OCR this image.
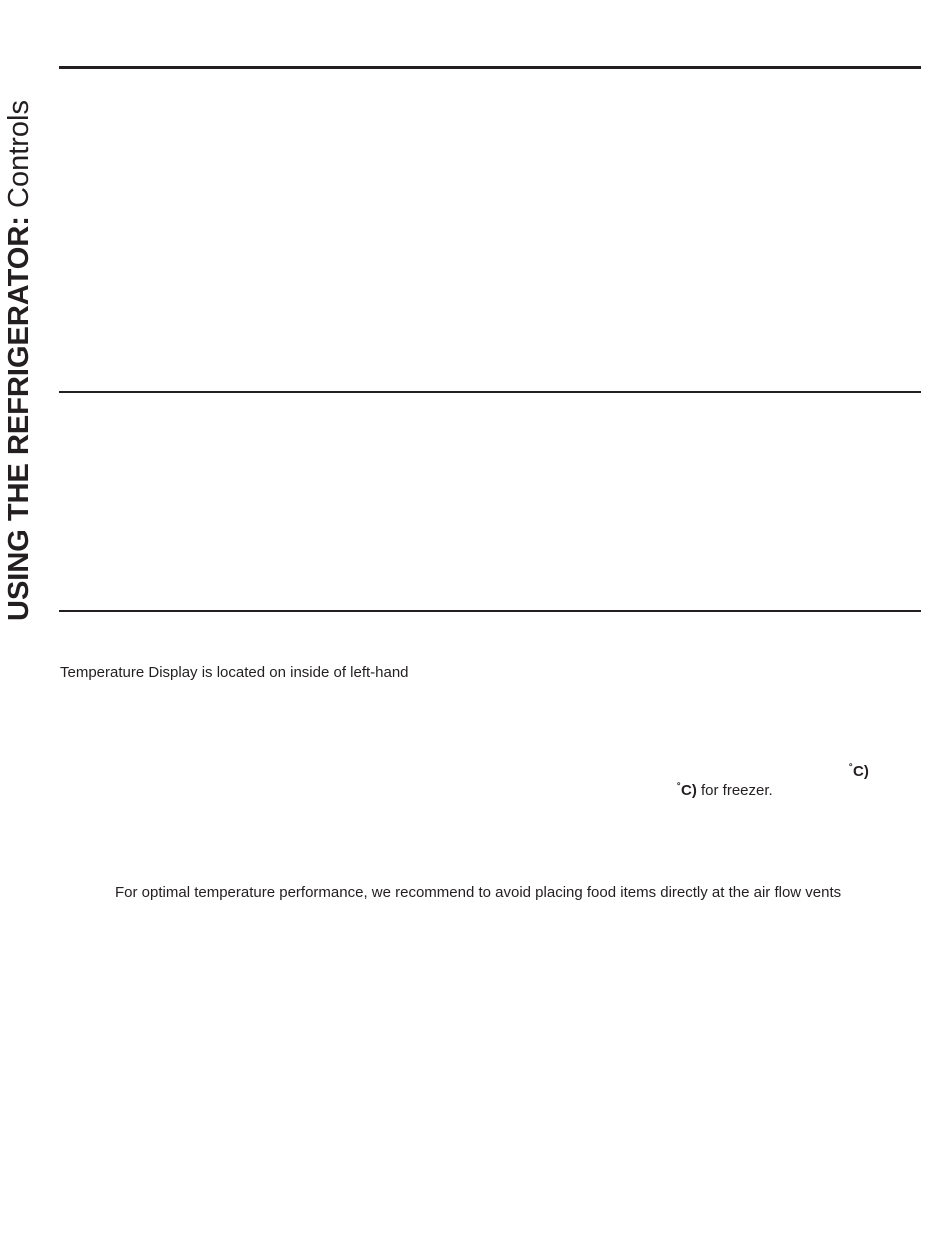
USING THE REFRIGERATOR: Controls
Temperature Display is located on inside of left-hand
˚C)
˚C) for freezer.
For optimal temperature performance, we recommend to avoid placing food items directly at the air flow vents
